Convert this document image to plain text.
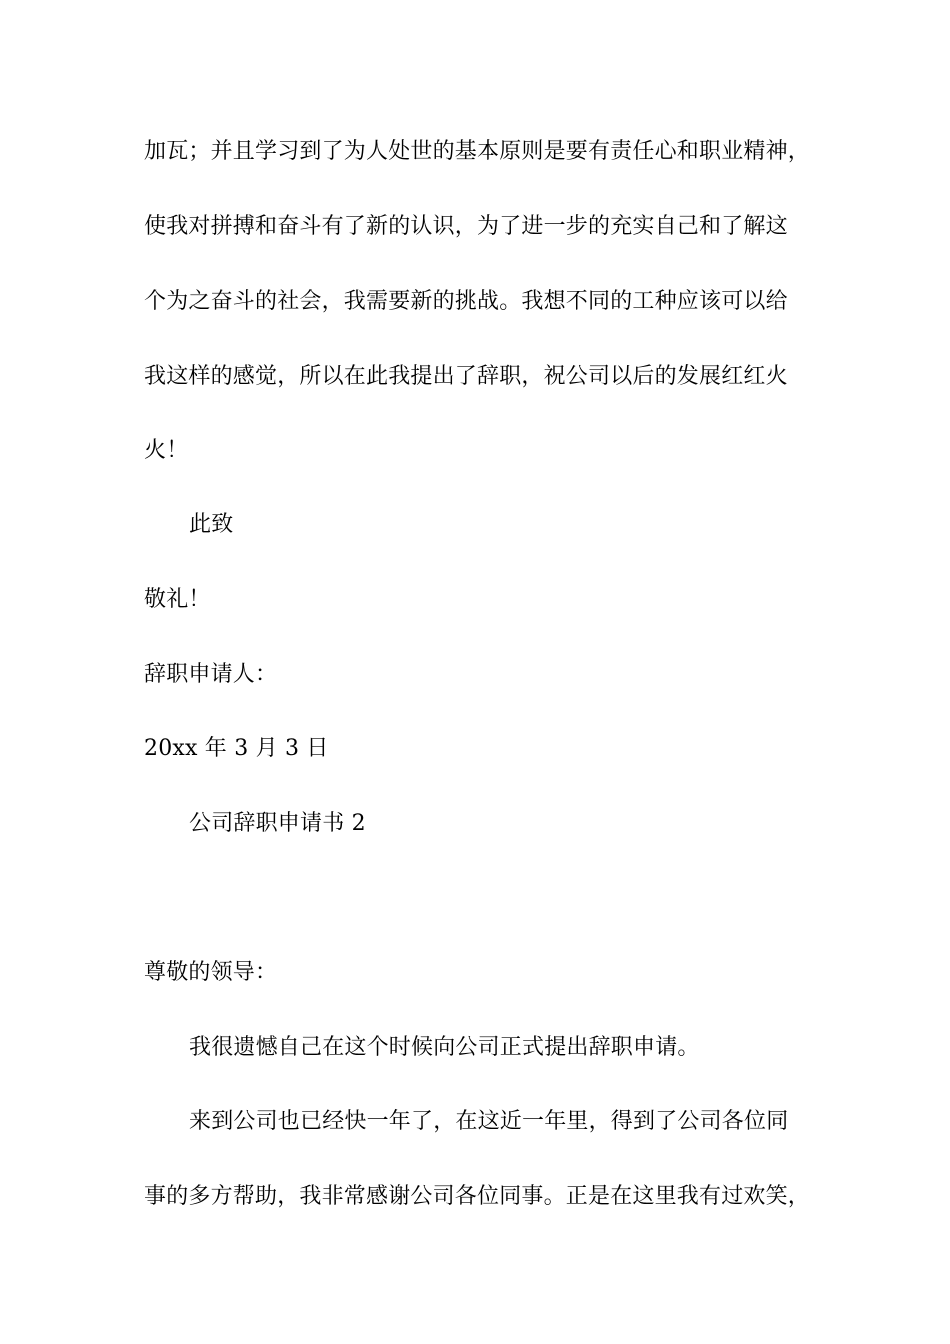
加瓦；并且学习到了为人处世的基本原则是要有责任心和职业精神，
使我对拼搏和奋斗有了新的认识，为了进一步的充实自己和了解这
个为之奋斗的社会，我需要新的挑战。我想不同的工种应该可以给
我这样的感觉，所以在此我提出了辞职，祝公司以后的发展红红火
火！
此致
敬礼！
辞职申请人：
20xx 年 3 月 3 日
公司辞职申请书 2
尊敬的领导：
我很遗憾自己在这个时候向公司正式提出辞职申请。
来到公司也已经快一年了，在这近一年里，得到了公司各位同
事的多方帮助，我非常感谢公司各位同事。正是在这里我有过欢笑，
